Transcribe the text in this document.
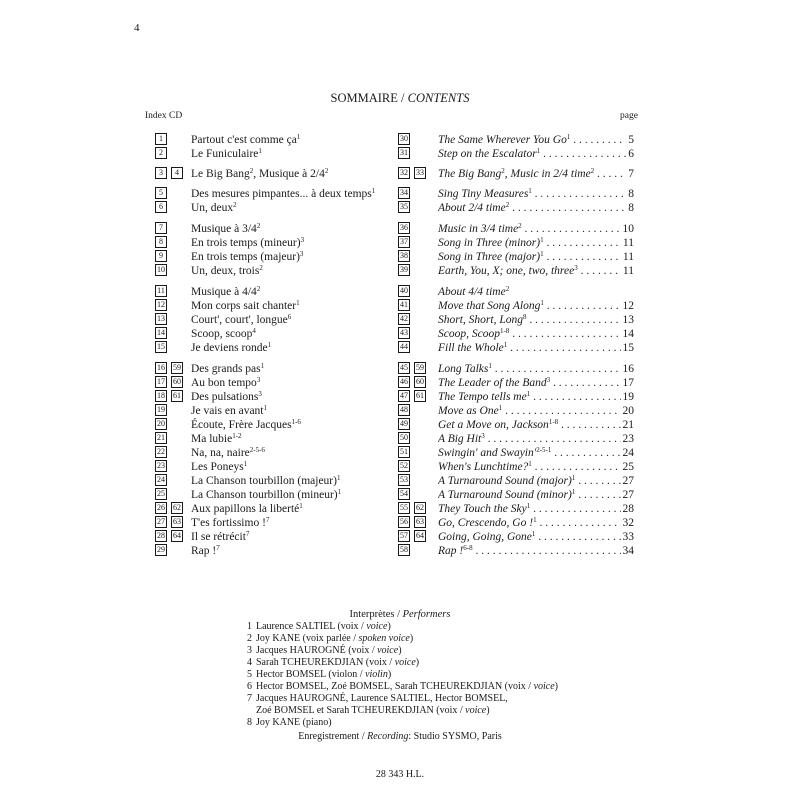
4
SOMMAIRE / CONTENTS
Index CD	page
1 Partout c'est comme $ça^1$	30	The Same Wherever You Go$^1$ . . .	5
2 Le Funiculaire$^1$	31	Step on the Escalator$^1$ . . .	6
3 4 Le Big Bang$^2$, Musique à $2/4^2$	32 33 The Big Bang$^2$, Music in 2/4 time$^2$ . . .	7
5 Des mesures pimpantes... à deux temps$^1$	34	Sing Tiny Measures$^1$ . . .	8
6 Un, deux$^2$	35	About 2/4 time$^2$ . . .	8
7 Musique à $3/4^2$	36	Music in 3/4 time$^2$ . . .	10
8 En trois temps (mineur)$^3$	37	Song in Three (minor)$^1$ . . .	11
9 En trois temps (majeur)$^3$	38	Song in Three (major)$^1$ . . .	11
10 Un, deux, trois$^2$	39	Earth, You, X; one, two, three$^3$ . . .	11
11 Musique à $4/4^2$	40	About 4/4 time$^2$
12 Mon corps sait chanter$^1$	41	Move that Song Along$^1$ . . .	12
13 Court', court', longue$^6$	42	Short, Short, Long$^8$ . . .	13
14 Scoop, scoop$^4$	43	Scoop, Scoop$^{1-8}$ . . .	14
15 Je deviens ronde$^1$	44	Fill the Whole$^1$ . . .	15
16 59 Des grands pas$^1$	45 59 Long Talks$^1$ . . .	16
17 60 Au bon tempo$^3$	46 60 The Leader of the Band$^3$ . . .	17
18 61 Des pulsations$^3$	47 61 The Tempo tells $me^1$ . . .	19
19 Je vais en avant$^1$	48	Move as One$^1$ . . .	20
20 Écoute, Frère Jacques$^{1-6}$	49	Get a Move on, Jackson$^{1-8}$ . . .	21
21 Ma lubie$^{1-2}$	50	A Big Hit$^3$ . . .	23
22 Na, na, naire$^{2-5-6}$	51	Swingin' and $Swayin'^{2-5-1}$ . . .	24
23 Les Poneys$^1$	52	When's Lunchtime?$^1$ . . .	25
24 La Chanson tourbillon (majeur)$^1$	53	A Turnaround Sound (major)$^1$ . . .	27
25 La Chanson tourbillon (mineur)$^1$	54	A Turnaround Sound (minor)$^1$ . . .	27
26 62 Aux papillons la liberté$^1$	55 62 They Touch the Sky$^1$ . . .	28
27 63 T'es fortissimo !$^7$	56 63 Go, Crescendo, Go !$^1$ . . .	32
28 64 Il se rétrécit$^7$	57 64 Going, Going, Gone$^1$ . . .	33
29 Rap !$^7$	58	Rap !$^{6-8}$ . . .	34
Interprètes / Performers
1 Laurence SALTIEL (voix / voice)
2 Joy KANE (voix parlée / spoken voice)
3 Jacques HAUROGNÉ (voix / voice)
4 Sarah TCHEUREKDJIAN (voix / voice)
5 Hector BOMSEL (violon / violin)
6 Hector BOMSEL, Zoé BOMSEL, Sarah TCHEUREKDJIAN (voix / voice)
7 Jacques HAUROGNÉ, Laurence SALTIEL, Hector BOMSEL,
Zoé BOMSEL et Sarah TCHEUREKDJIAN (voix / voice)
8 Joy KANE (piano)
Enregistrement / Recording: Studio SYSMO, Paris
28 343 H.L.
